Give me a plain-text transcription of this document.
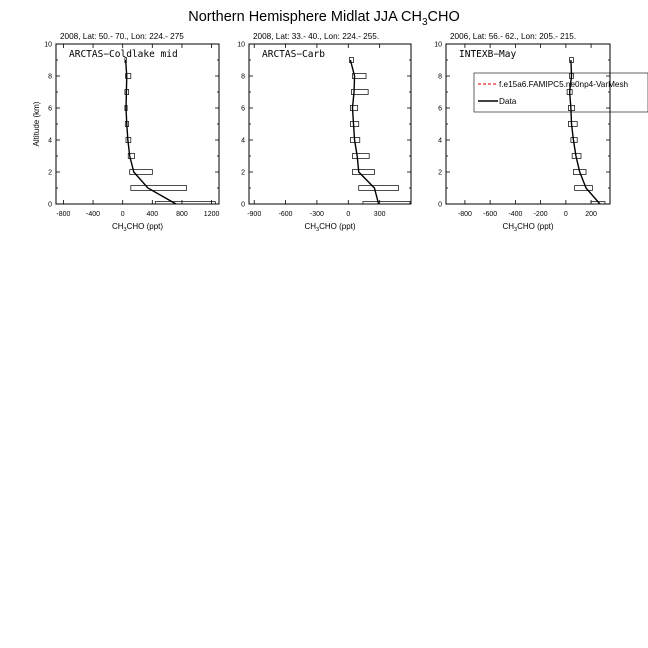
Northern Hemisphere Midlat JJA $CH_3CHO$
2008, Lat: 50.- 70., Lon: 224.- 275
-800 -400	0	400	800 1200
0
2
4
6
8
10
Altitude (km)
$CH_3CHO$ (ppt)
ARCTAS−Coldlake mid
2008, Lat: 33.- 40., Lon: 224.- 255.
-900 -600 -300	0	300
0
2
4
6
8
10
$CH_3CHO$ (ppt)
ARCTAS−Carb
2006, Lat: 56.- 62., Lon: 205.- 215.
-800 -600 -400 -200 0 200
0
2
4
6
8
10
$CH_3CHO$ (ppt)
INTEXB−May
f.e15a6.FAMIPC5.ne0np4-VarMesh
Data
